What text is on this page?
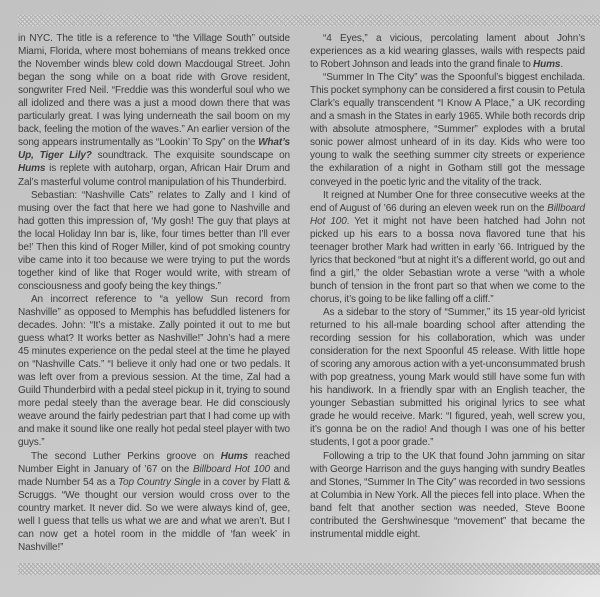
in NYC. The title is a reference to “the Village South” outside Miami, Florida, where most bohemians of means trekked once the November winds blew cold down Macdougal Street. John began the song while on a boat ride with Grove resident, songwriter Fred Neil. “Freddie was this wonderful soul who we all idolized and there was a just a mood down there that was particularly great. I was lying underneath the sail boom on my back, feeling the motion of the waves.” An earlier version of the song appears instrumentally as “Lookin’ To Spy” on the What’s Up, Tiger Lily? soundtrack. The exquisite soundscape on Hums is replete with autoharp, organ, African Hair Drum and Zal’s masterful volume control manipulation of his Thunderbird.

Sebastian: “Nashville Cats” relates to Zally and I kind of musing over the fact that here we had gone to Nashville and had gotten this impression of, ‘My gosh! The guy that plays at the local Holiday Inn bar is, like, four times better than I’ll ever be!’ Then this kind of Roger Miller, kind of pot smoking country vibe came into it too because we were trying to put the words together kind of like that Roger would write, with stream of consciousness and goofy being the key things.”

An incorrect reference to “a yellow Sun record from Nashville” as opposed to Memphis has befuddled listeners for decades. John: “It’s a mistake. Zally pointed it out to me but guess what? It works better as Nashville!” John’s had a mere 45 minutes experience on the pedal steel at the time he played on “Nashville Cats.” “I believe it only had one or two pedals. It was left over from a previous session. At the time, Zal had a Guild Thunderbird with a pedal steel pickup in it, trying to sound more pedal steely than the average bear. He did consciously weave around the fairly pedestrian part that I had come up with and make it sound like one really hot pedal steel player with two guys.”

The second Luther Perkins groove on Hums reached Number Eight in January of ’67 on the Billboard Hot 100 and made Number 54 as a Top Country Single in a cover by Flatt & Scruggs. “We thought our version would cross over to the country market. It never did. So we were always kind of, gee, well I guess that tells us what we are and what we aren’t. But I can now get a hotel room in the middle of ‘fan week’ in Nashville!”

“4 Eyes,” a vicious, percolating lament about John’s experiences as a kid wearing glasses, wails with respects paid to Robert Johnson and leads into the grand finale to Hums.

“Summer In The City” was the Spoonful’s biggest enchilada. This pocket symphony can be considered a first cousin to Petula Clark’s equally transcendent “I Know A Place,” a UK recording and a smash in the States in early 1965. While both records drip with absolute atmosphere, “Summer” explodes with a brutal sonic power almost unheard of in its day. Kids who were too young to walk the seething summer city streets or experience the exhilaration of a night in Gotham still got the message conveyed in the poetic lyric and the vitality of the track.

It reigned at Number One for three consecutive weeks at the end of August of ’66 during an eleven week run on the Billboard Hot 100. Yet it might not have been hatched had John not picked up his ears to a bossa nova flavored tune that his teenager brother Mark had written in early ’66. Intrigued by the lyrics that beckoned “but at night it’s a different world, go out and find a girl,” the older Sebastian wrote a verse “with a whole bunch of tension in the front part so that when we come to the chorus, it’s going to be like falling off a cliff.”

As a sidebar to the story of “Summer,” its 15 year-old lyricist returned to his all-male boarding school after attending the recording session for his collaboration, which was under consideration for the next Spoonful 45 release. With little hope of scoring any amorous action with a yet-unconsummated brush with pop greatness, young Mark would still have some fun with his handiwork. In a friendly spar with an English teacher, the younger Sebastian submitted his original lyrics to see what grade he would receive. Mark: “I figured, yeah, well screw you, it’s gonna be on the radio! And though I was one of his better students, I got a poor grade.”

Following a trip to the UK that found John jamming on sitar with George Harrison and the guys hanging with sundry Beatles and Stones, “Summer In The City” was recorded in two sessions at Columbia in New York. All the pieces fell into place. When the band felt that another section was needed, Steve Boone contributed the Gershwinesque “movement” that became the instrumental middle eight.
